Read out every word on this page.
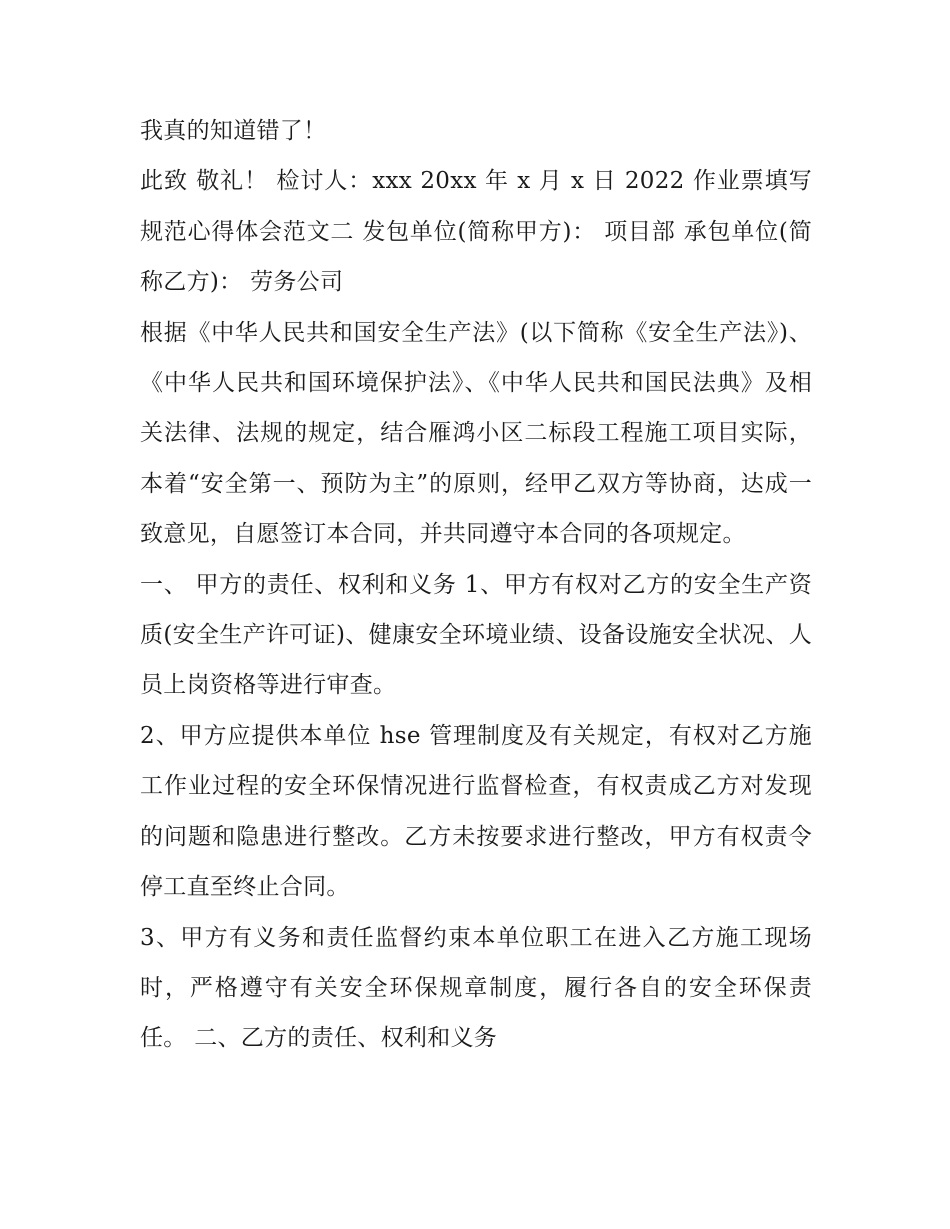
我真的知道错了！

此致 敬礼！ 检讨人：xxx 20xx 年 x 月 x 日 2022 作业票填写规范心得体会范文二 发包单位(简称甲方)： 项目部 承包单位(简称乙方)： 劳务公司

根据《中华人民共和国安全生产法》(以下简称《安全生产法》)、《中华人民共和国环境保护法》、《中华人民共和国民法典》及相关法律、法规的规定，结合雁鸿小区二标段工程施工项目实际，本着“安全第一、预防为主”的原则，经甲乙双方等协商，达成一致意见，自愿签订本合同，并共同遵守本合同的各项规定。

一、 甲方的责任、权利和义务 1、甲方有权对乙方的安全生产资质(安全生产许可证)、健康安全环境业绩、设备设施安全状况、人员上岗资格等进行审查。

2、甲方应提供本单位 hse 管理制度及有关规定，有权对乙方施工作业过程的安全环保情况进行监督检查，有权责成乙方对发现的问题和隐患进行整改。乙方未按要求进行整改，甲方有权责令停工直至终止合同。

3、甲方有义务和责任监督约束本单位职工在进入乙方施工现场时，严格遵守有关安全环保规章制度，履行各自的安全环保责任。 二、乙方的责任、权利和义务
